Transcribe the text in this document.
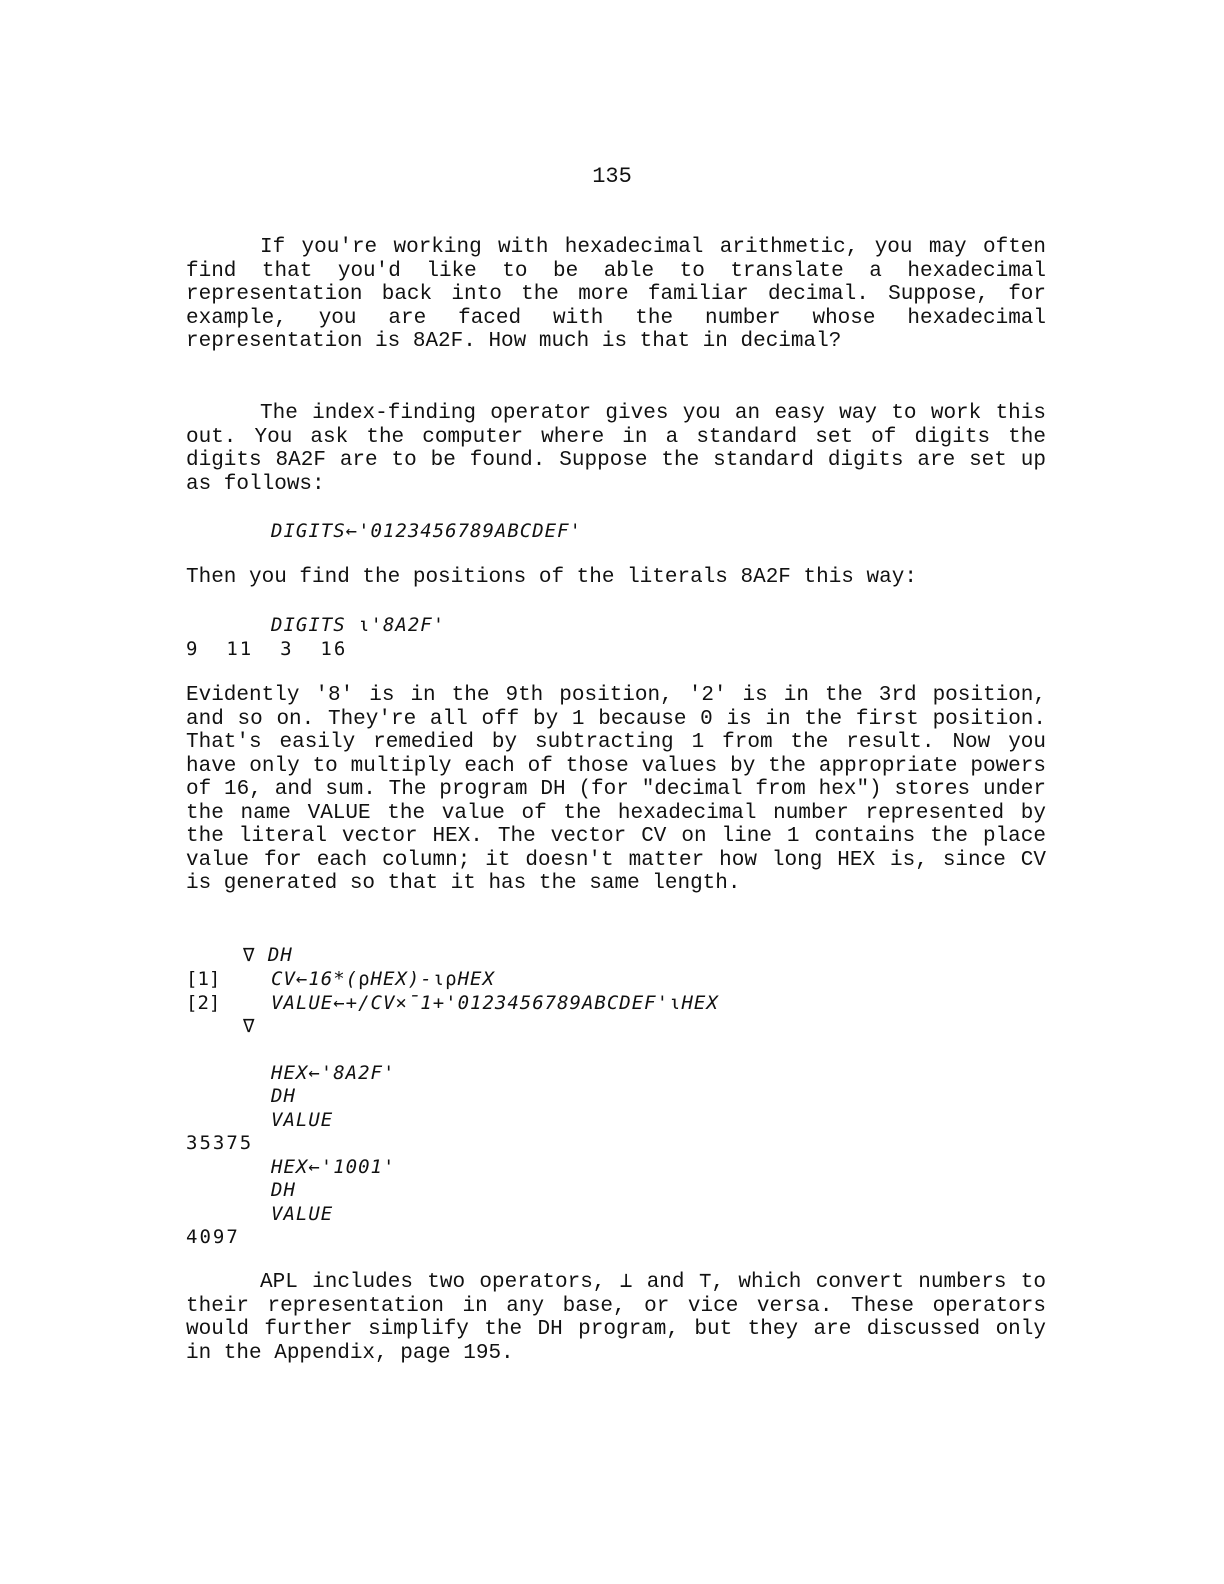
135

If you're working with hexadecimal arithmetic, you may often find that you'd like to be able to translate a hexadecimal representation back into the more familiar decimal. Suppose, for example, you are faced with the number whose hexadecimal representation is 8A2F. How much is that in decimal?

The index-finding operator gives you an easy way to work this out. You ask the computer where in a standard set of digits the digits 8A2F are to be found. Suppose the standard digits are set up as follows:

DIGITS←'0123456789ABCDEF'

Then you find the positions of the literals 8A2F this way:

DIGITS ⍳'8A2F'
9  11  3  16

Evidently '8' is in the 9th position, '2' is in the 3rd position, and so on. They're all off by 1 because 0 is in the first position. That's easily remedied by subtracting 1 from the result. Now you have only to multiply each of those values by the appropriate powers of 16, and sum. The program DH (for "decimal from hex") stores under the name VALUE the value of the hexadecimal number represented by the literal vector HEX. The vector CV on line 1 contains the place value for each column; it doesn't matter how long HEX is, since CV is generated so that it has the same length.

∇ DH
[1]	CV←16*(⍴HEX)-⍳⍴HEX
[2]	VALUE←+/CV×¯1+'0123456789ABCDEF'⍳HEX
∇
HEX←'8A2F'
DH
VALUE
35375
HEX←'1001'
DH
VALUE
4097

APL includes two operators, ⊥ and ⊤, which convert numbers to their representation in any base, or vice versa. These operators would further simplify the DH program, but they are discussed only in the Appendix, page 195.
